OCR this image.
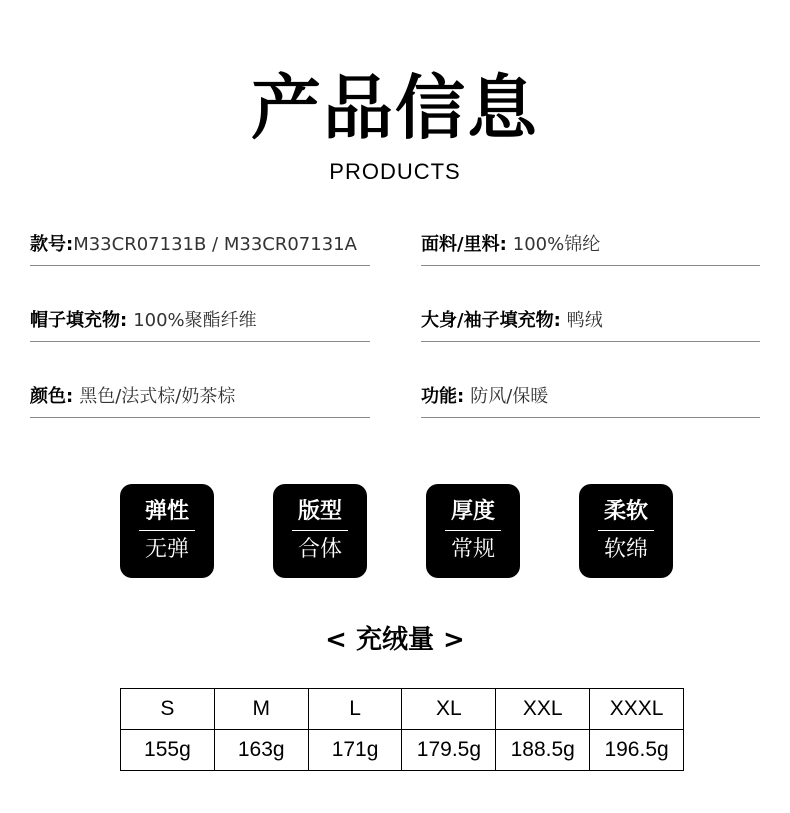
产品信息
PRODUCTS
款号: M33CR07131B / M33CR07131A
帽子填充物: 100%聚酯纤维
颜色: 黑色/法式棕/奶茶棕
面料/里料: 100%锦纶
大身/袖子填充物: 鸭绒
功能: 防风/保暖
弹性
无弹
版型
合体
厚度
常规
柔软
软绵
< 充绒量 >
S	M	L	XL	XXL	XXXL
155g	163g	171g	179.5g	188.5g	196.5g
